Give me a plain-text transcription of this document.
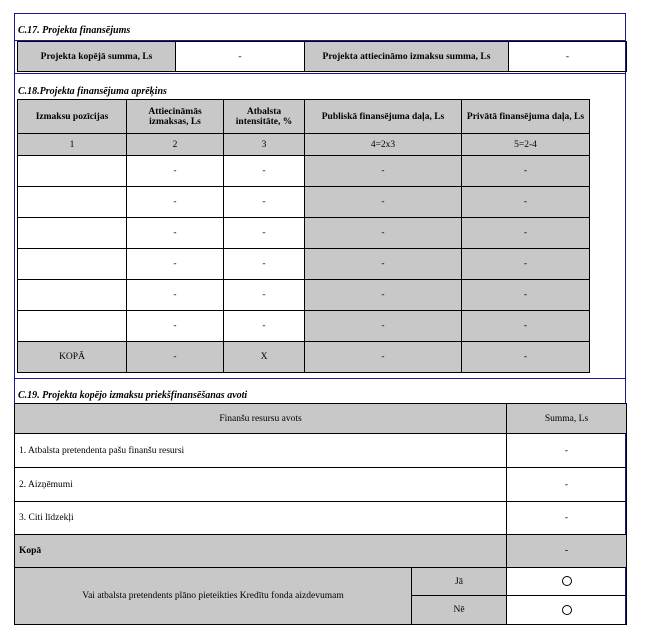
C.17. Projekta finansējums
Projekta kopējā summa, Ls	-	Projekta attiecināmo izmaksu summa, Ls	-
C.18.Projekta finansējuma aprēķins
Izmaksu pozīcijas	Attiecināmās izmaksas, Ls	Atbalsta intensitāte, %	Publiskā finansējuma daļa, Ls	Privātā finansējuma daļa, Ls
1	2	3	4=2x3	5=2-4
	-	-	-	-
	-	-	-	-
	-	-	-	-
	-	-	-	-
	-	-	-	-
	-	-	-	-
KOPĀ	-	X	-	-
C.19. Projekta kopējo izmaksu priekšfinansēšanas avoti
Finanšu resursu avots		Summa, Ls
1. Atbalsta pretendenta pašu finanšu resursi		-
2. Aizņēmumi		-
3. Citi līdzekļi		-
Kopā		-
Vai atbalsta pretendents plāno pieteikties Kredītu fonda aizdevumam	Jā	
	Nē	
